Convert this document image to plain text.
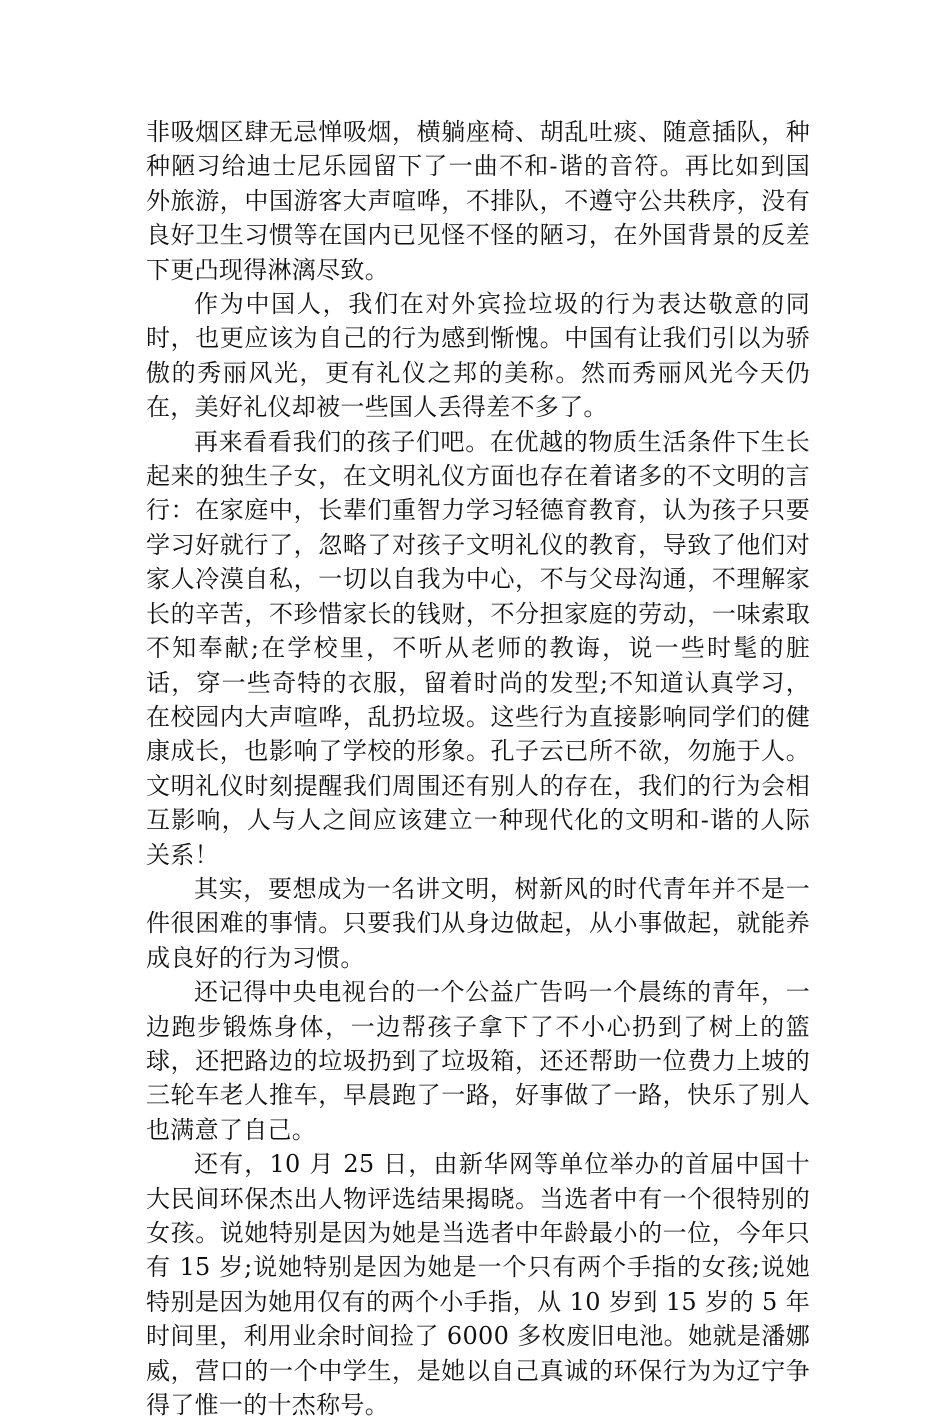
非吸烟区肆无忌惮吸烟，横躺座椅、胡乱吐痰、随意插队，种种陋习给迪士尼乐园留下了一曲不和-谐的音符。再比如到国外旅游，中国游客大声喧哗，不排队，不遵守公共秩序，没有良好卫生习惯等在国内已见怪不怪的陋习，在外国背景的反差下更凸现得淋漓尽致。

作为中国人，我们在对外宾捡垃圾的行为表达敬意的同时，也更应该为自己的行为感到惭愧。中国有让我们引以为骄傲的秀丽风光，更有礼仪之邦的美称。然而秀丽风光今天仍在，美好礼仪却被一些国人丢得差不多了。

再来看看我们的孩子们吧。在优越的物质生活条件下生长起来的独生子女，在文明礼仪方面也存在着诸多的不文明的言行：在家庭中，长辈们重智力学习轻德育教育，认为孩子只要学习好就行了，忽略了对孩子文明礼仪的教育，导致了他们对家人冷漠自私，一切以自我为中心，不与父母沟通，不理解家长的辛苦，不珍惜家长的钱财，不分担家庭的劳动，一味索取不知奉献;在学校里，不听从老师的教诲，说一些时髦的脏话，穿一些奇特的衣服，留着时尚的发型;不知道认真学习，在校园内大声喧哗，乱扔垃圾。这些行为直接影响同学们的健康成长，也影响了学校的形象。孔子云已所不欲，勿施于人。文明礼仪时刻提醒我们周围还有别人的存在，我们的行为会相互影响，人与人之间应该建立一种现代化的文明和-谐的人际关系！

其实，要想成为一名讲文明，树新风的时代青年并不是一件很困难的事情。只要我们从身边做起，从小事做起，就能养成良好的行为习惯。

还记得中央电视台的一个公益广告吗一个晨练的青年，一边跑步锻炼身体，一边帮孩子拿下了不小心扔到了树上的篮球，还把路边的垃圾扔到了垃圾箱，还还帮助一位费力上坡的三轮车老人推车，早晨跑了一路，好事做了一路，快乐了别人也满意了自己。

还有，10 月 25 日，由新华网等单位举办的首届中国十大民间环保杰出人物评选结果揭晓。当选者中有一个很特别的女孩。说她特别是因为她是当选者中年龄最小的一位，今年只有 15 岁;说她特别是因为她是一个只有两个手指的女孩;说她特别是因为她用仅有的两个小手指，从 10 岁到 15 岁的 5 年时间里，利用业余时间捡了 6000 多枚废旧电池。她就是潘娜威，营口的一个中学生，是她以自己真诚的环保行为为辽宁争得了惟一的十杰称号。
